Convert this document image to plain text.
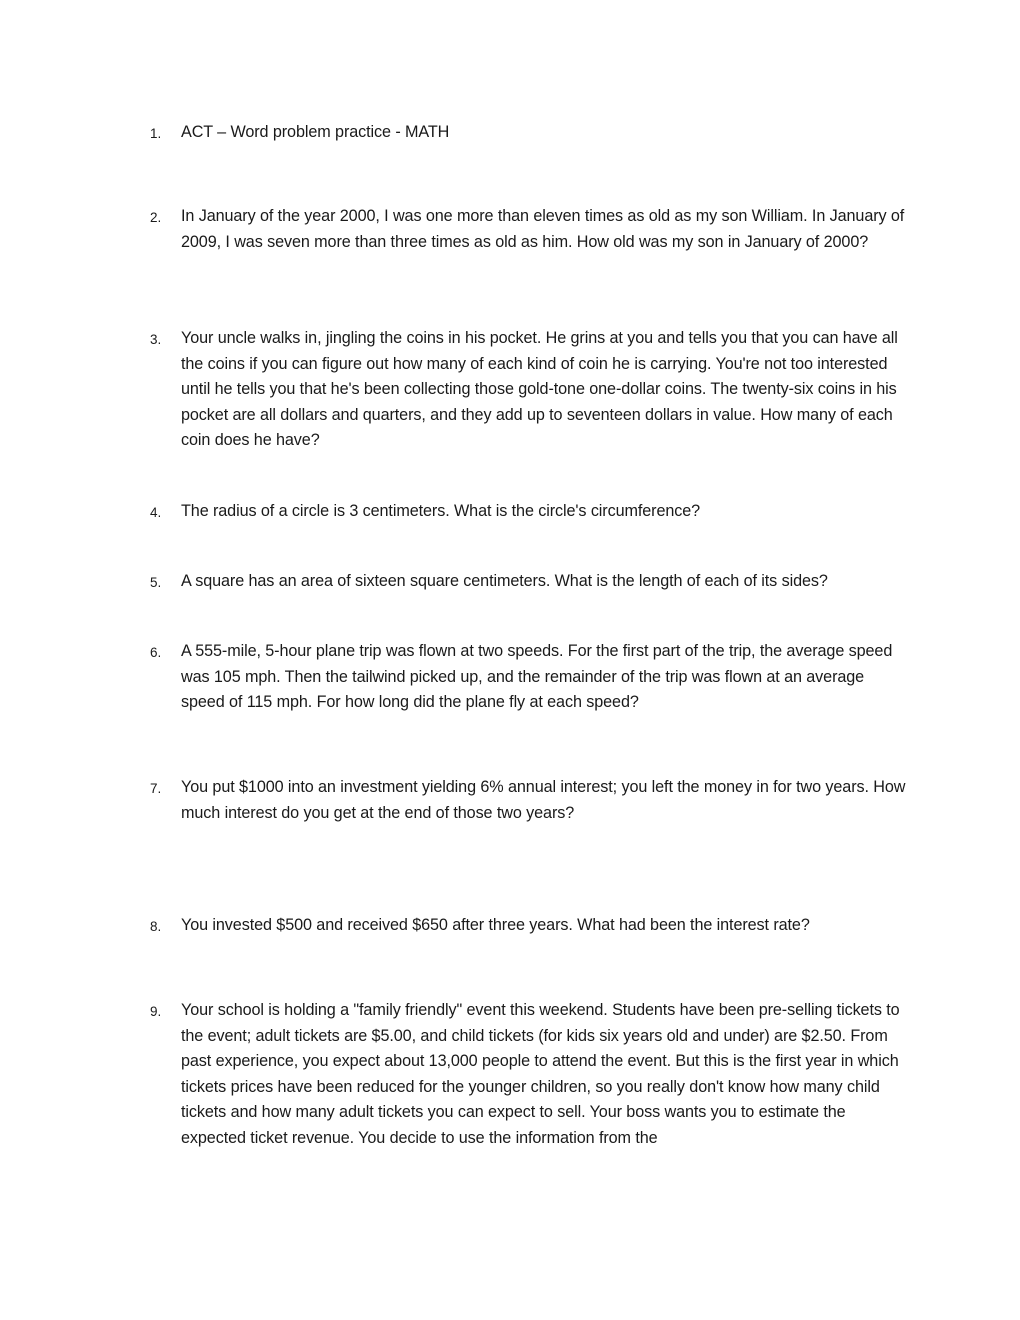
1.	ACT – Word problem practice - MATH
2.	In January of the year 2000, I was one more than eleven times as old as my son William. In January of 2009, I was seven more than three times as old as him. How old was my son in January of 2000?
3.	Your uncle walks in, jingling the coins in his pocket. He grins at you and tells you that you can have all the coins if you can figure out how many of each kind of coin he is carrying. You're not too interested until he tells you that he's been collecting those gold-tone one-dollar coins. The twenty-six coins in his pocket are all dollars and quarters, and they add up to seventeen dollars in value. How many of each coin does he have?
4.	The radius of a circle is 3 centimeters. What is the circle's circumference?
5.	A square has an area of sixteen square centimeters. What is the length of each of its sides?
6.	A 555-mile, 5-hour plane trip was flown at two speeds. For the first part of the trip, the average speed was 105 mph. Then the tailwind picked up, and the remainder of the trip was flown at an average speed of 115 mph. For how long did the plane fly at each speed?
7.	You put $1000 into an investment yielding 6% annual interest; you left the money in for two years. How much interest do you get at the end of those two years?
8.	You invested $500 and received $650 after three years. What had been the interest rate?
9.	Your school is holding a "family friendly" event this weekend. Students have been pre-selling tickets to the event; adult tickets are $5.00, and child tickets (for kids six years old and under) are $2.50. From past experience, you expect about 13,000 people to attend the event. But this is the first year in which tickets prices have been reduced for the younger children, so you really don't know how many child tickets and how many adult tickets you can expect to sell. Your boss wants you to estimate the expected ticket revenue. You decide to use the information from the
